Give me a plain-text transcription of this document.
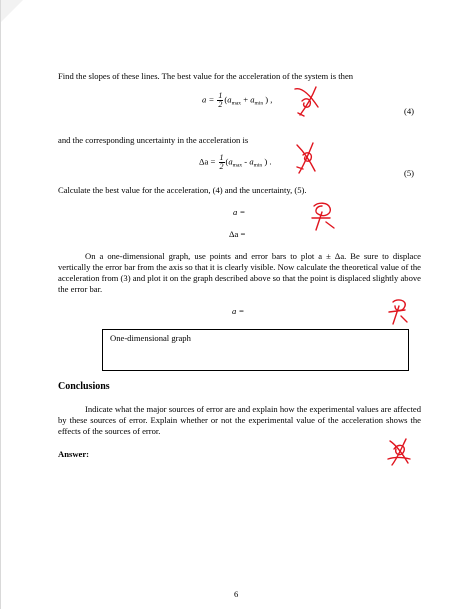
Find the slopes of these lines. The best value for the acceleration of the system is then
$a = \frac{1}{2} (a_{max} + a_{min}$ ) ,
(4)
and the corresponding uncertainty in the acceleration is
$\Delta a = \frac{1}{2} (a_{max} - a_{min}$ ) .
(5)
Calculate the best value for the acceleration, (4) and the uncertainty, (5).
a =
Δa =
On a one-dimensional graph, use points and error bars to plot a ± Δa. Be sure to displace vertically the error bar from the axis so that it is clearly visible. Now calculate the theoretical value of the acceleration from (3) and plot it on the graph described above so that the point is displaced slightly above the error bar.
a =
One-dimensional graph
Conclusions
Indicate what the major sources of error are and explain how the experimental values are affected by these sources of error. Explain whether or not the experimental value of the acceleration shows the effects of the sources of error.
Answer:
6
